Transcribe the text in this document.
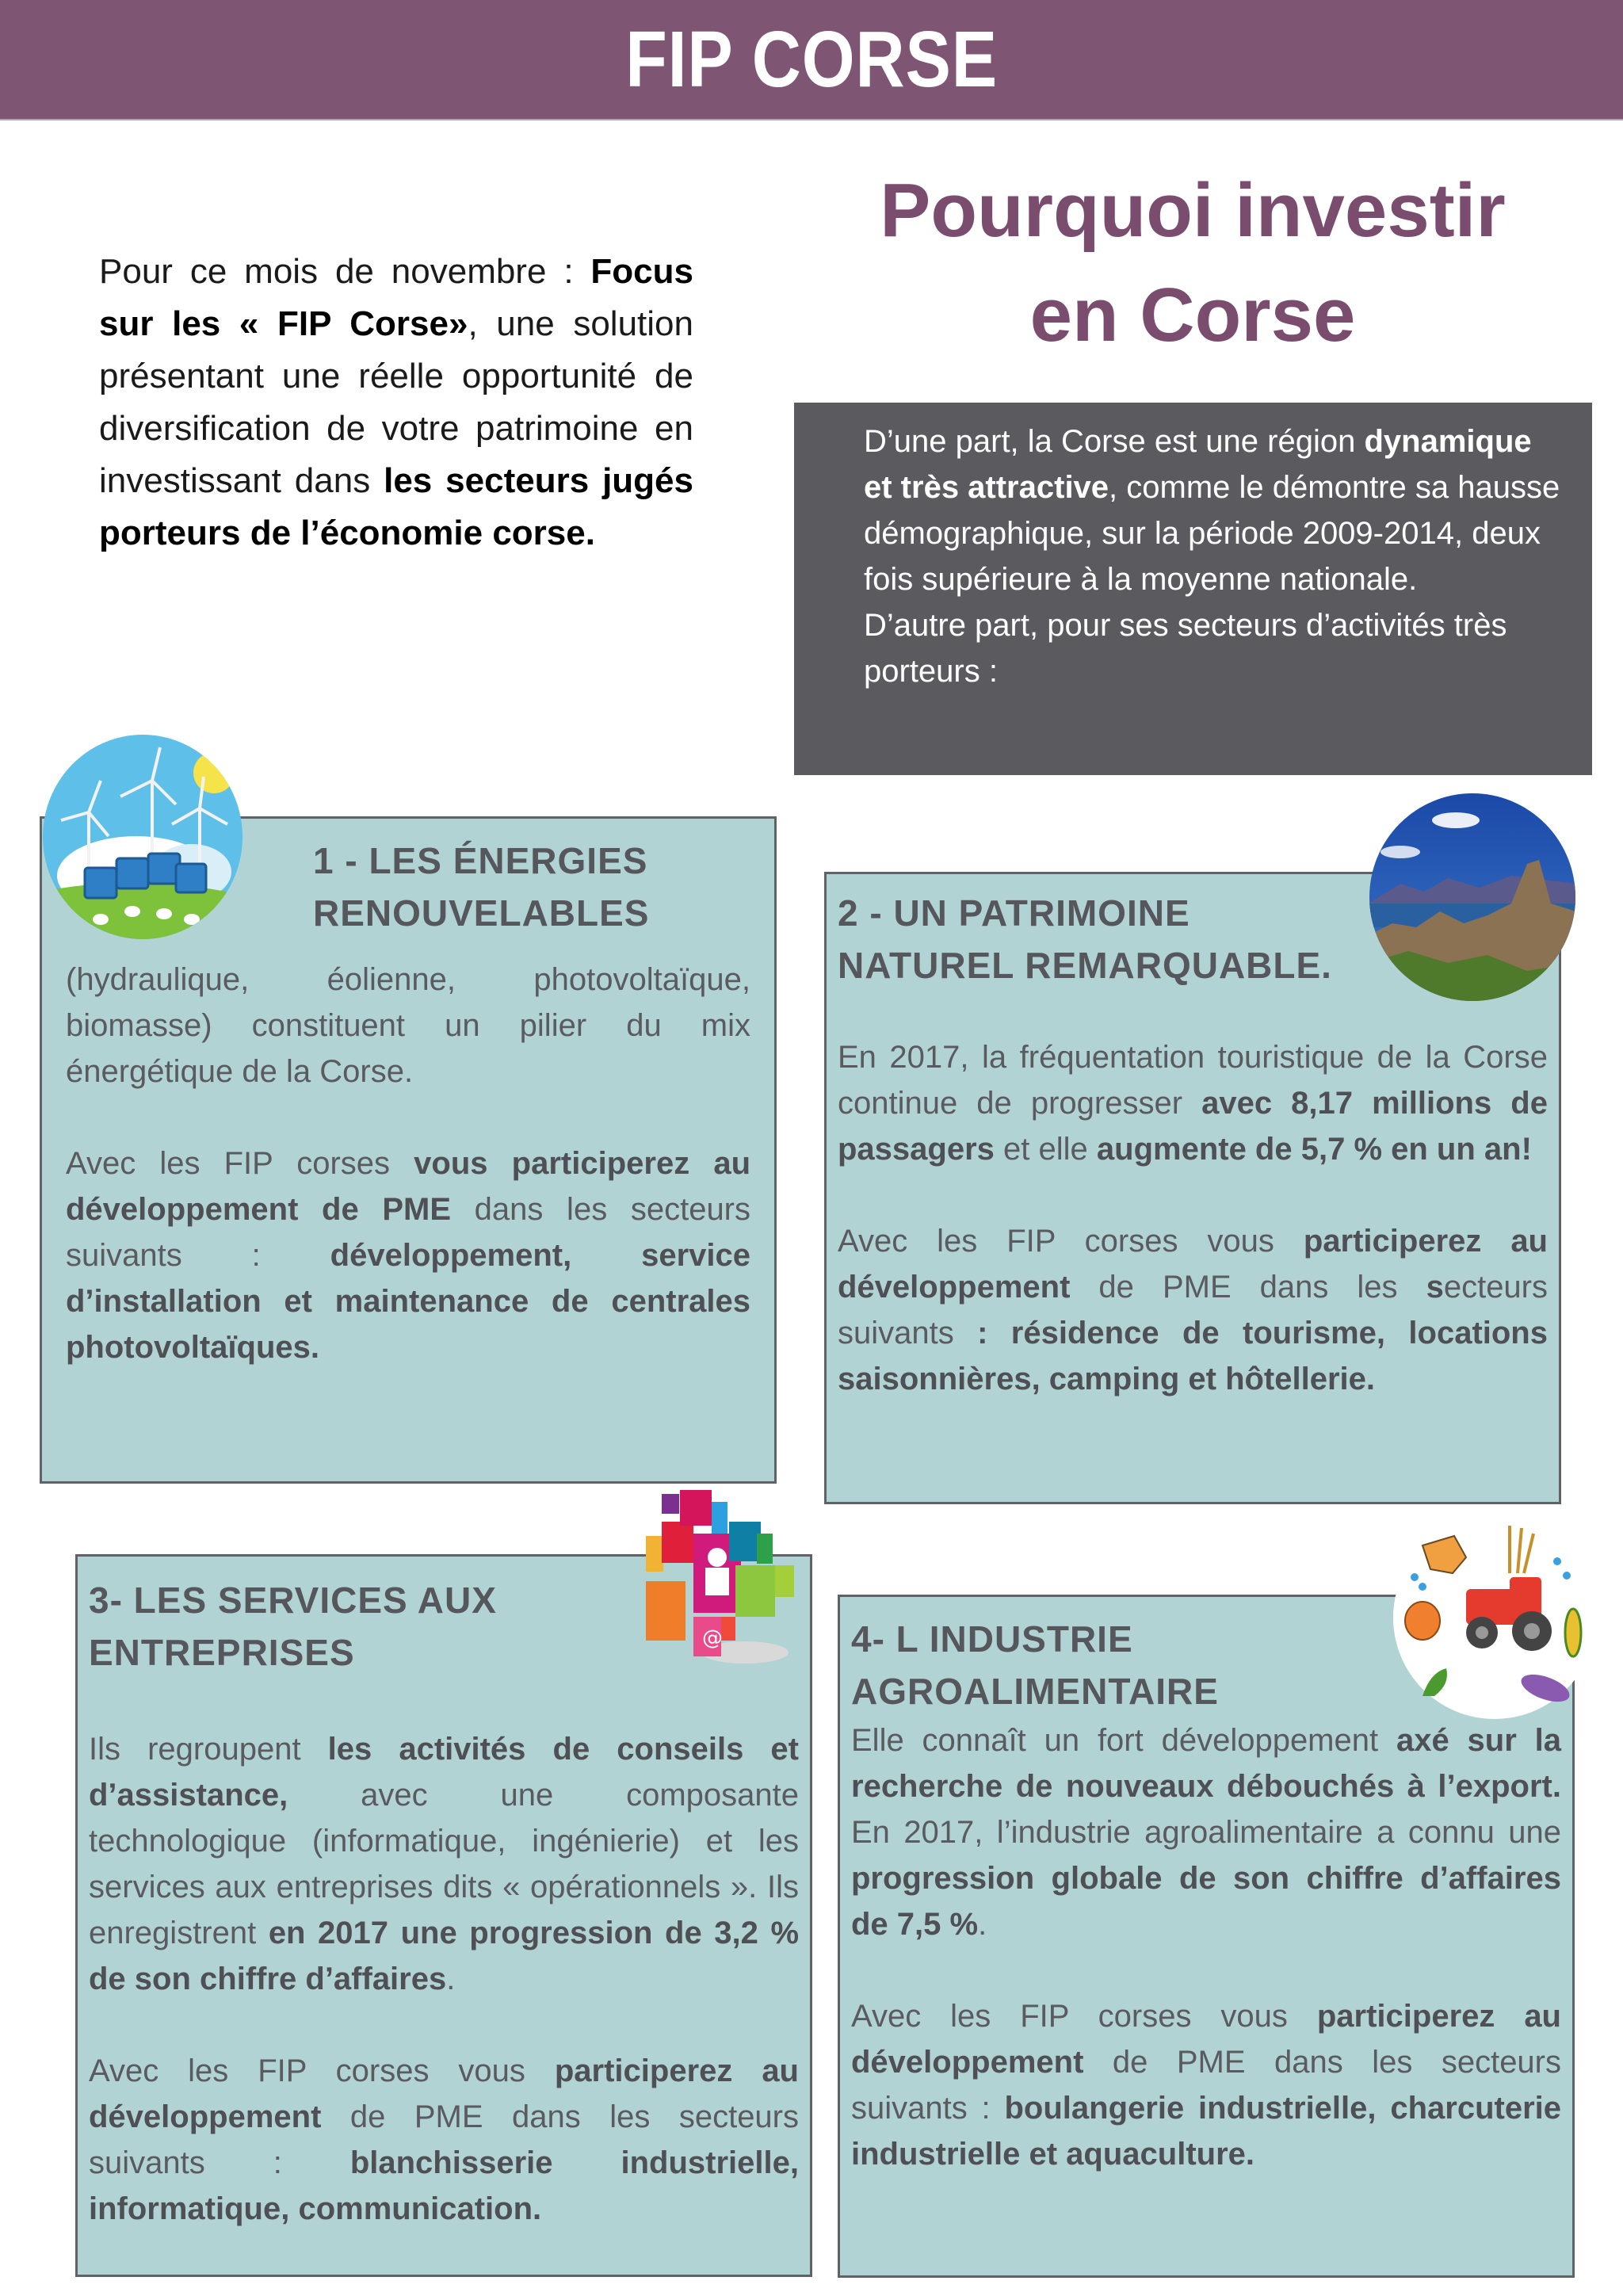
FIP CORSE
Pour ce mois de novembre : Focus sur les « FIP Corse», une solution présentant une réelle opportunité de diversification de votre patrimoine en investissant dans les secteurs jugés porteurs de l’économie corse.
Pourquoi investir
en Corse

D’une part, la Corse est une région dynamique et très attractive, comme le démontre sa hausse démographique, sur la période 2009-2014, deux fois supérieure à la moyenne nationale.

D’autre part, pour ses secteurs d’activités très porteurs :

1 - LES ÉNERGIES
RENOUVELABLES

(hydraulique, éolienne, photovoltaïque, biomasse) constituent un pilier du mix énergétique de la Corse.

Avec les FIP corses vous participerez au développement de PME dans les secteurs suivants : développement, service d’installation et maintenance de centrales photovoltaïques.

2 - UN PATRIMOINE
NATUREL REMARQUABLE.

En 2017, la fréquentation touristique de la Corse continue de progresser avec 8,17 millions de passagers et elle augmente de 5,7 % en un an!

Avec les FIP corses vous participerez au développement de PME dans les secteurs suivants : résidence de tourisme, locations saisonnières, camping et hôtellerie.

3- LES SERVICES AUX
ENTREPRISES

Ils regroupent les activités de conseils et d’assistance, avec une composante technologique (informatique, ingénierie) et les services aux entreprises dits « opérationnels ». Ils enregistrent en 2017 une progression de 3,2 % de son chiffre d’affaires.

Avec les FIP corses vous participerez au développement de PME dans les secteurs suivants : blanchisserie industrielle, informatique, communication.

@	4- L INDUSTRIE
AGROALIMENTAIRE

Elle connaît un fort développement axé sur la recherche de nouveaux débouchés à l’export. En 2017, l’industrie agroalimentaire a connu une progression globale de son chiffre d’affaires de 7,5 %.

Avec les FIP corses vous participerez au développement de PME dans les secteurs suivants : boulangerie industrielle, charcuterie industrielle et aquaculture.
